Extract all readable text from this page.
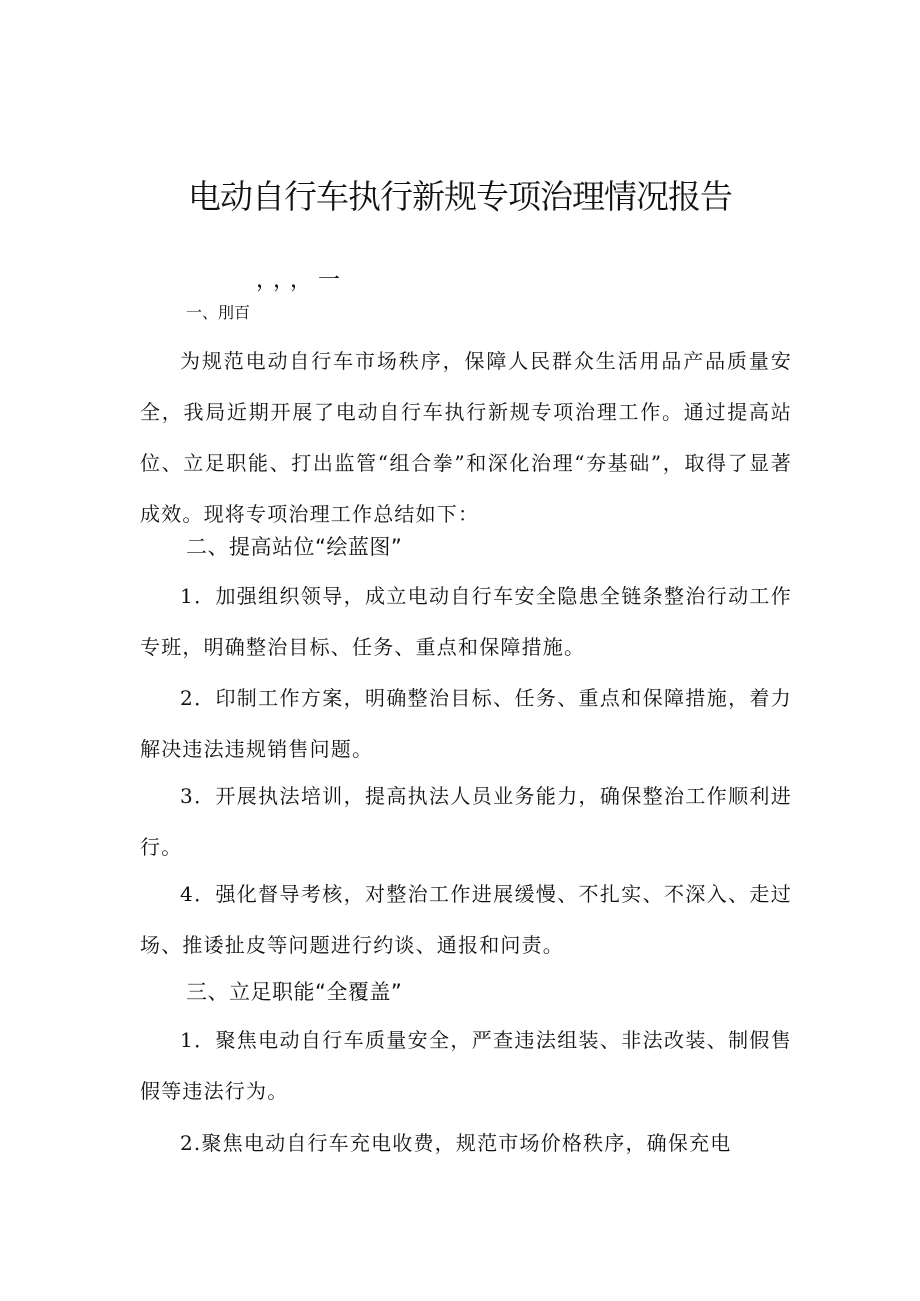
电动自行车执行新规专项治理情况报告
，，，一
一、刖百

为规范电动自行车市场秩序，保障人民群众生活用品产品质量安全，我局近期开展了电动自行车执行新规专项治理工作。通过提高站位、立足职能、打出监管“组合拳”和深化治理“夯基础”，取得了显著成效。现将专项治理工作总结如下：

二、提高站位“绘蓝图”

1．加强组织领导，成立电动自行车安全隐患全链条整治行动工作专班，明确整治目标、任务、重点和保障措施。

2．印制工作方案，明确整治目标、任务、重点和保障措施，着力解决违法违规销售问题。

3．开展执法培训，提高执法人员业务能力，确保整治工作顺利进行。

4．强化督导考核，对整治工作进展缓慢、不扎实、不深入、走过场、推诿扯皮等问题进行约谈、通报和问责。

三、立足职能“全覆盖”

1．聚焦电动自行车质量安全，严查违法组装、非法改装、制假售假等违法行为。

2.聚焦电动自行车充电收费，规范市场价格秩序，确保充电
